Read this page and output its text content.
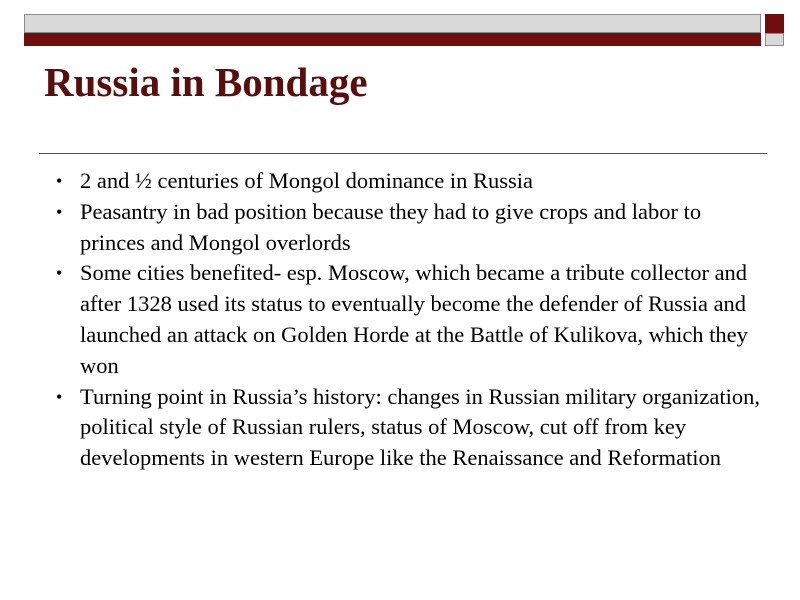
Russia in Bondage
• 2 and ½ centuries of Mongol dominance in Russia
• Peasantry in bad position because they had to give crops and labor to princes and Mongol overlords
• Some cities benefited- esp. Moscow, which became a tribute collector and after 1328 used its status to eventually become the defender of Russia and launched an attack on Golden Horde at the Battle of Kulikova, which they won
• Turning point in Russia’s history: changes in Russian military organization, political style of Russian rulers, status of Moscow, cut off from key developments in western Europe like the Renaissance and Reformation
